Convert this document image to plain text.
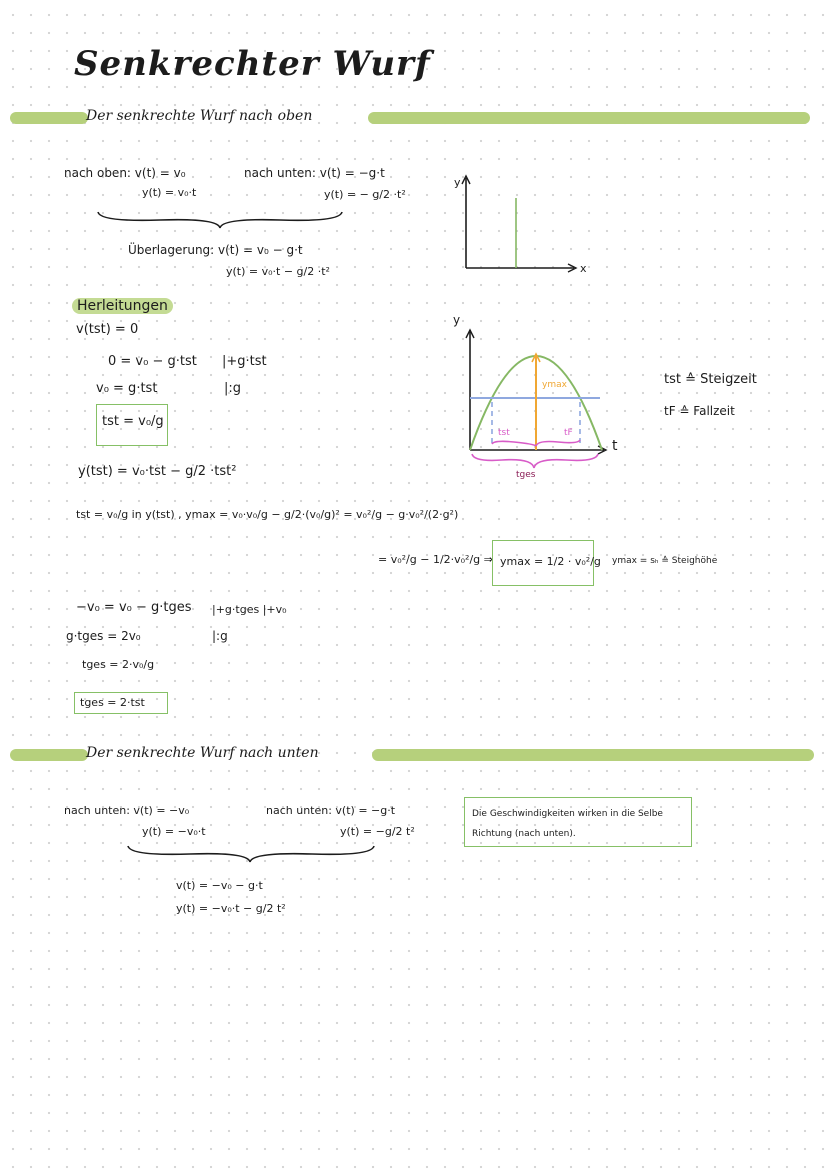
Senkrechter Wurf
Der senkrechte Wurf nach oben
nach oben: v(t) = v₀
y(t) = v₀·t
nach unten: v(t) = −g·t
y(t) = − g/2 ·t²
Überlagerung: v(t) = v₀ − g·t
y(t) = v₀·t − g/2 ·t²
y
x
Herleitungen
v(tst) = 0
0 = v₀ − g·tst |+g·tst
v₀ = g·tst	|:g
tst = v₀/g
y
t
ymax
tst	tF
tges
tst ≙ Steigzeit
tF ≙ Fallzeit
y(tst) = v₀·tst − g/2 ·tst²
tst = v₀/g in y(tst) , ymax = v₀·v₀/g − g/2·(v₀/g)² = v₀²/g − g·v₀²/(2·g²)
= v₀²/g − 1/2·v₀²/g ⇒ ymax = 1/2 · v₀²/g ymax = sₕ ≙ Steighöhe
−v₀ = v₀ − g·tges |+g·tges |+v₀
g·tges = 2v₀	|:g
tges = 2·v₀/g
tges = 2·tst
Der senkrechte Wurf nach unten
nach unten: v(t) = −v₀
y(t) = −v₀·t
nach unten: v(t) = −g·t
y(t) = −g/2 t²
Die Geschwindigkeiten wirken in die Selbe Richtung (nach unten).
v(t) = −v₀ − g·t
y(t) = −v₀·t − g/2 t²
